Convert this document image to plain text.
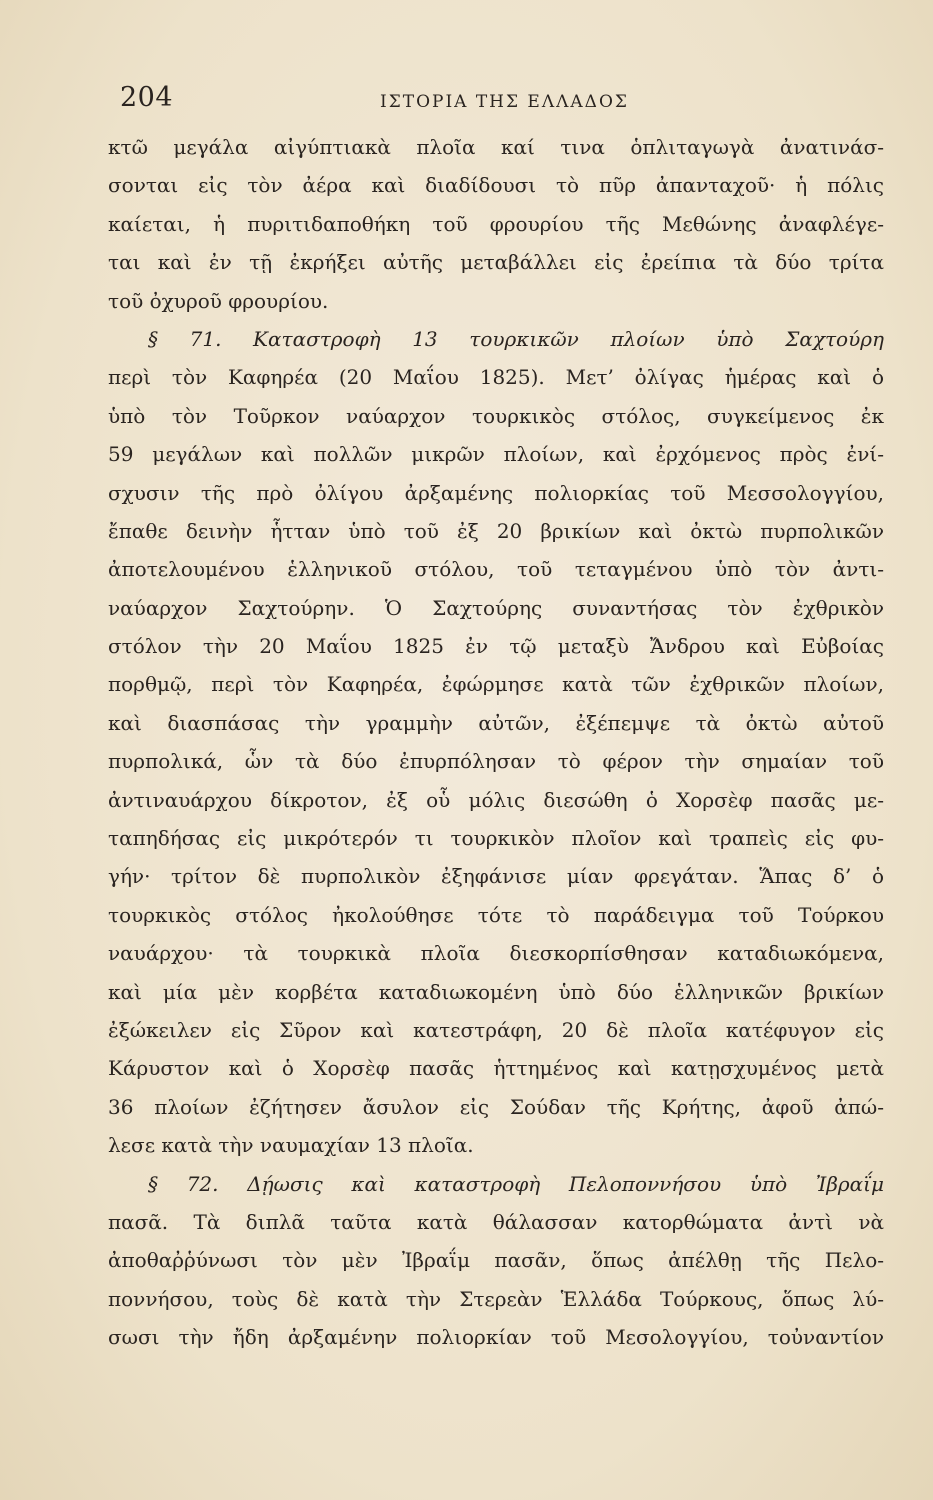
204	ΙΣΤΟΡΙΑ ΤΗΣ ΕΛΛΑΔΟΣ
κτῶ μεγάλα αἰγύπτιακὰ πλοῖα καί τινα ὁπλιταγωγὰ ἀνατινάσ-
σονται εἰς τὸν ἀέρα καὶ διαδίδουσι τὸ πῦρ ἀπανταχοῦ· ἡ πόλις
καίεται, ἡ πυριτιδαποθήκη τοῦ φρουρίου τῆς Μεθώνης ἀναφλέγε-
ται καὶ ἐν τῇ ἐκρήξει αὐτῆς μεταβάλλει εἰς ἐρείπια τὰ δύο τρίτα
τοῦ ὀχυροῦ φρουρίου.
§ 71. Καταστροφὴ 13 τουρκικῶν πλοίων ὑπὸ Σαχτούρη
περὶ τὸν Καφηρέα (20 Μαΐου 1825). Μετ’ ὀλίγας ἡμέρας καὶ ὁ
ὑπὸ τὸν Τοῦρκον ναύαρχον τουρκικὸς στόλος, συγκείμενος ἐκ
59 μεγάλων καὶ πολλῶν μικρῶν πλοίων, καὶ ἐρχόμενος πρὸς ἐνί-
σχυσιν τῆς πρὸ ὀλίγου ἀρξαμένης πολιορκίας τοῦ Μεσσολογγίου,
ἔπαθε δεινὴν ἧτταν ὑπὸ τοῦ ἐξ 20 βρικίων καὶ ὀκτὼ πυρπολικῶν
ἀποτελουμένου ἑλληνικοῦ στόλου, τοῦ τεταγμένου ὑπὸ τὸν ἀντι-
ναύαρχον Σαχτούρην. Ὁ Σαχτούρης συναντήσας τὸν ἐχθρικὸν
στόλον τὴν 20 Μαΐου 1825 ἐν τῷ μεταξὺ Ἄνδρου καὶ Εὐβοίας
πορθμῷ, περὶ τὸν Καφηρέα, ἐφώρμησε κατὰ τῶν ἐχθρικῶν πλοίων,
καὶ διασπάσας τὴν γραμμὴν αὐτῶν, ἐξέπεμψε τὰ ὀκτὼ αὐτοῦ
πυρπολικά, ὧν τὰ δύο ἐπυρπόλησαν τὸ φέρον τὴν σημαίαν τοῦ
ἀντιναυάρχου δίκροτον, ἐξ οὗ μόλις διεσώθη ὁ Χορσὲφ πασᾶς με-
ταπηδήσας εἰς μικρότερόν τι τουρκικὸν πλοῖον καὶ τραπεὶς εἰς φυ-
γήν· τρίτον δὲ πυρπολικὸν ἐξηφάνισε μίαν φρεγάταν. Ἅπας δ’ ὁ
τουρκικὸς στόλος ἠκολούθησε τότε τὸ παράδειγμα τοῦ Τούρκου
ναυάρχου· τὰ τουρκικὰ πλοῖα διεσκορπίσθησαν καταδιωκόμενα,
καὶ μία μὲν κορβέτα καταδιωκομένη ὑπὸ δύο ἑλληνικῶν βρικίων
ἐξώκειλεν εἰς Σῦρον καὶ κατεστράφη, 20 δὲ πλοῖα κατέφυγον εἰς
Κάρυστον καὶ ὁ Χορσὲφ πασᾶς ἡττημένος καὶ κατῃσχυμένος μετὰ
36 πλοίων ἐζήτησεν ἄσυλον εἰς Σούδαν τῆς Κρήτης, ἀφοῦ ἀπώ-
λεσε κατὰ τὴν ναυμαχίαν 13 πλοῖα.
§ 72. Δῄωσις καὶ καταστροφὴ Πελοποννήσου ὑπὸ Ἰβραΐμ
πασᾶ. Τὰ διπλᾶ ταῦτα κατὰ θάλασσαν κατορθώματα ἀντὶ νὰ
ἀποθαῤῥύνωσι τὸν μὲν Ἰβραΐμ πασᾶν, ὅπως ἀπέλθῃ τῆς Πελο-
ποννήσου, τοὺς δὲ κατὰ τὴν Στερεὰν Ἑλλάδα Τούρκους, ὅπως λύ-
σωσι τὴν ἤδη ἀρξαμένην πολιορκίαν τοῦ Μεσολογγίου, τοὐναντίον
